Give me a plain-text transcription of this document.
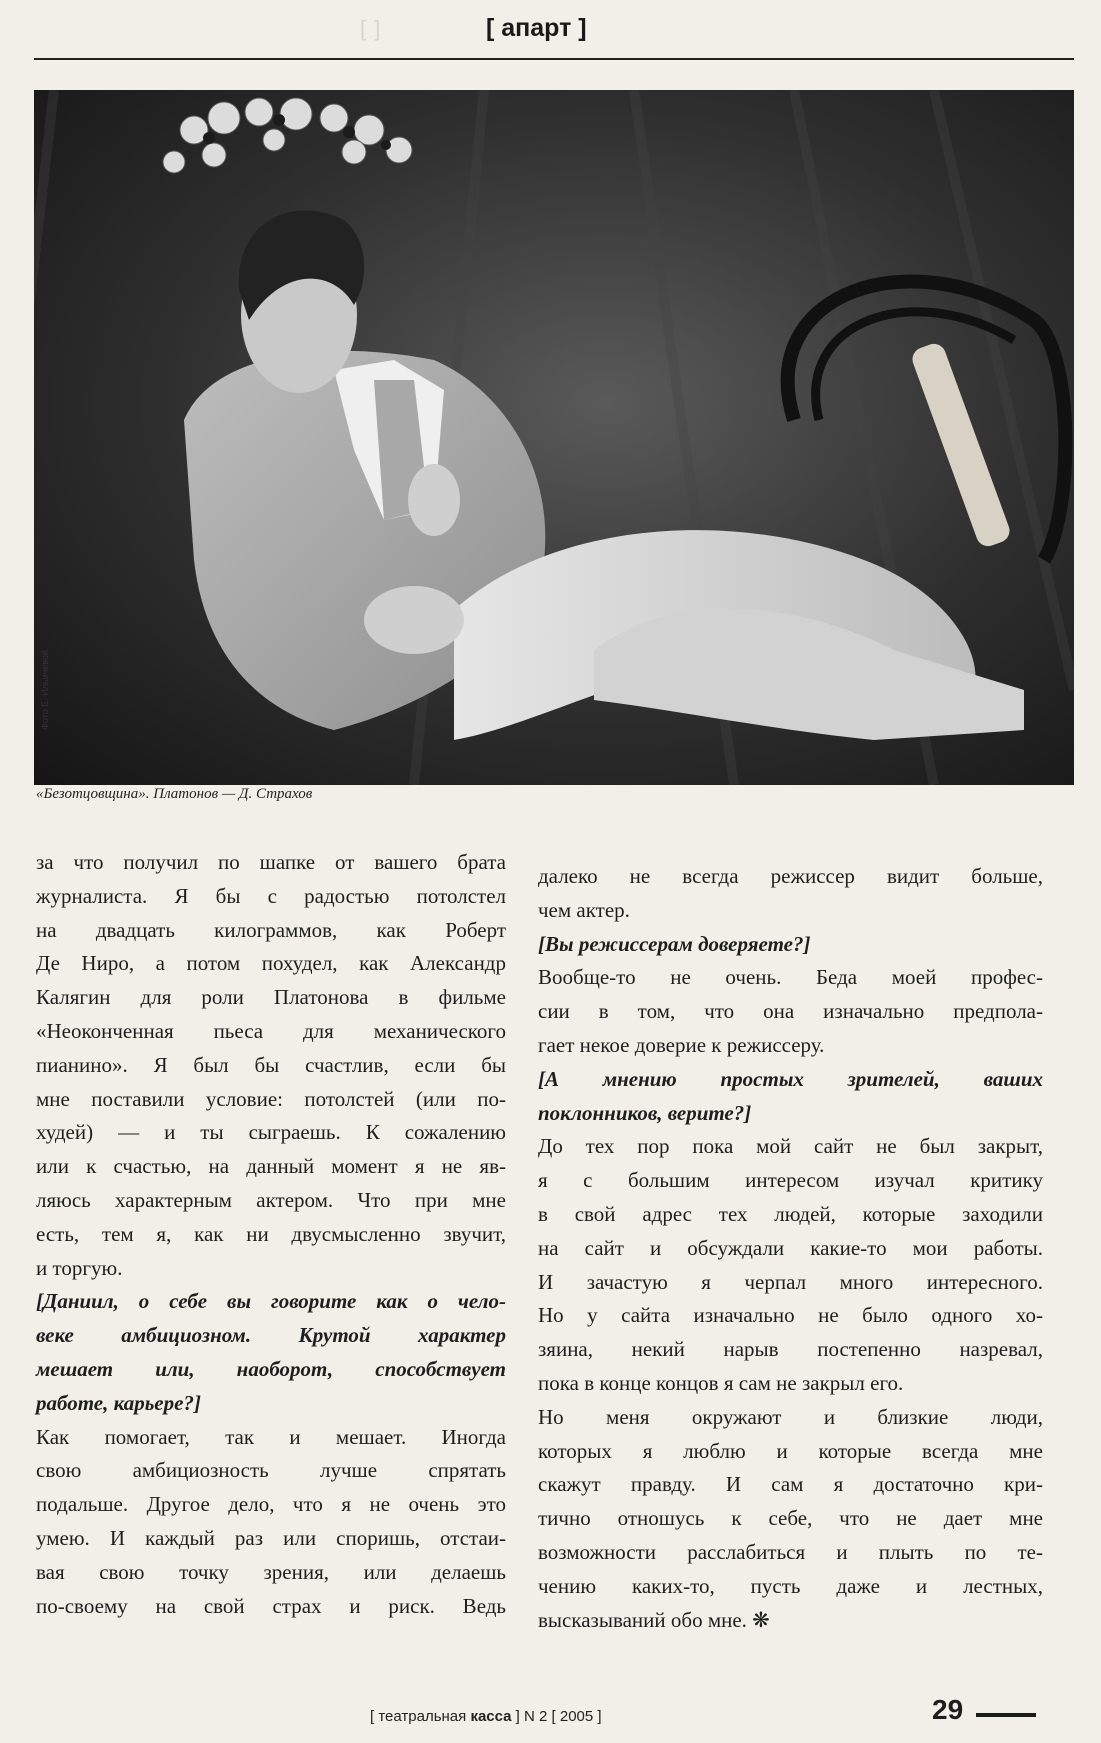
[ ]	[ апарт ]
Фото Е. Ильичевой
«Безотцовщина». Платонов — Д. Страхов

за что получил по шапке от вашего брата

журналиста. Я бы с радостью потолстел

на двадцать килограммов, как Роберт

Де Ниро, а потом похудел, как Александр

Калягин для роли Платонова в фильме

«Неоконченная пьеса для механического

пианино». Я был бы счастлив, если бы

мне поставили условие: потолстей (или по-

худей) — и ты сыграешь. К сожалению

или к счастью, на данный момент я не яв-

ляюсь характерным актером. Что при мне

есть, тем я, как ни двусмысленно звучит,

и торгую.

[Даниил, о себе вы говорите как о чело-

веке амбициозном. Крутой характер

мешает или, наоборот, способствует

работе, карьере?]

Как помогает, так и мешает. Иногда

свою амбициозность лучше спрятать

подальше. Другое дело, что я не очень это

умею. И каждый раз или споришь, отстаи-

вая свою точку зрения, или делаешь

по-своему на свой страх и риск. Ведь

далеко не всегда режиссер видит больше,

чем актер.

[Вы режиссерам доверяете?]

Вообще-то не очень. Беда моей профес-

сии в том, что она изначально предпола-

гает некое доверие к режиссеру.

[А мнению простых зрителей, ваших

поклонников, верите?]

До тех пор пока мой сайт не был закрыт,

я с большим интересом изучал критику

в свой адрес тех людей, которые заходили

на сайт и обсуждали какие-то мои работы.

И зачастую я черпал много интересного.

Но у сайта изначально не было одного хо-

зяина, некий нарыв постепенно назревал,

пока в конце концов я сам не закрыл его.

Но меня окружают и близкие люди,

которых я люблю и которые всегда мне

скажут правду. И сам я достаточно кри-

тично отношусь к себе, что не дает мне

возможности расслабиться и плыть по те-

чению каких-то, пусть даже и лестных,

высказываний обо мне. ❋

[ театральная касса ] N 2 [ 2005 ]	29
